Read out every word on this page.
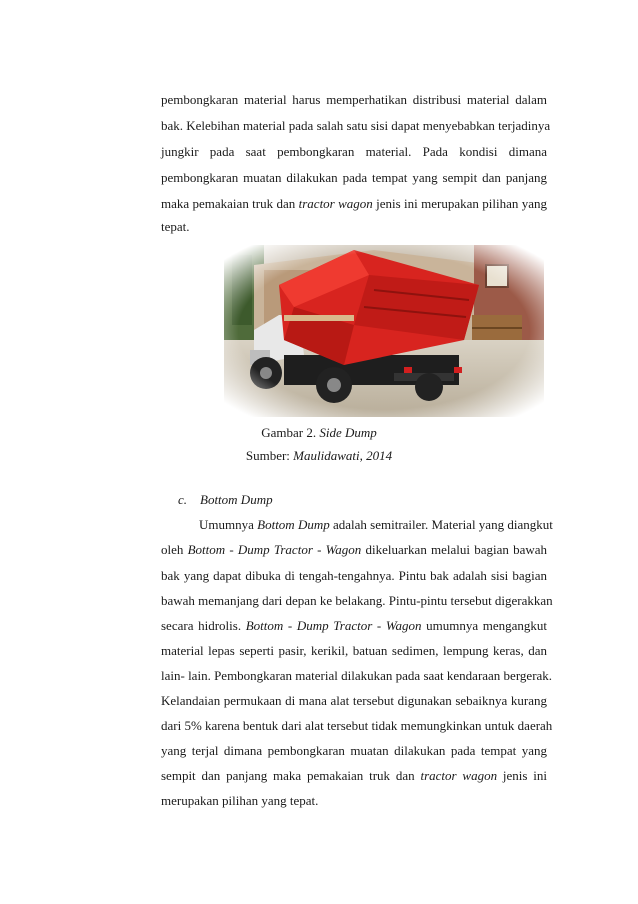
pembongkaran material harus memperhatikan distribusi material dalam
bak. Kelebihan material pada salah satu sisi dapat menyebabkan terjadinya
jungkir pada saat pembongkaran material. Pada kondisi dimana
pembongkaran muatan dilakukan pada tempat yang sempit dan panjang
maka pemakaian truk dan tractor wagon jenis ini merupakan pilihan yang
tepat.
Gambar 2. Side Dump
Sumber: Maulidawati, 2014
c. Bottom Dump
Umumnya Bottom Dump adalah semitrailer. Material yang diangkut
oleh Bottom - Dump Tractor - Wagon dikeluarkan melalui bagian bawah
bak yang dapat dibuka di tengah-tengahnya. Pintu bak adalah sisi bagian
bawah memanjang dari depan ke belakang. Pintu-pintu tersebut digerakkan
secara hidrolis. Bottom - Dump Tractor - Wagon umumnya mengangkut
material lepas seperti pasir, kerikil, batuan sedimen, lempung keras, dan
lain- lain. Pembongkaran material dilakukan pada saat kendaraan bergerak.
Kelandaian permukaan di mana alat tersebut digunakan sebaiknya kurang
dari 5% karena bentuk dari alat tersebut tidak memungkinkan untuk daerah
yang terjal dimana pembongkaran muatan dilakukan pada tempat yang
sempit dan panjang maka pemakaian truk dan tractor wagon jenis ini
merupakan pilihan yang tepat.
